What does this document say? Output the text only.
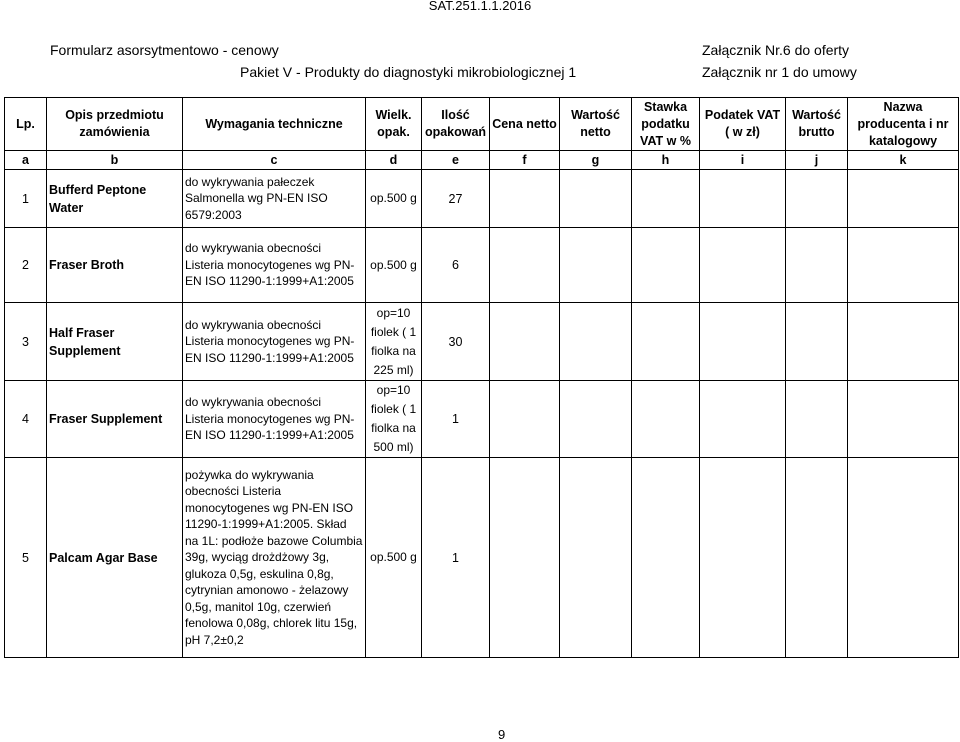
SAT.251.1.1.2016
Formularz asorsytmentowo - cenowy
Pakiet V - Produkty do diagnostyki mikrobiologicznej 1
Załącznik Nr.6 do oferty
Załącznik nr 1 do umowy
Lp.	Opis przedmiotu zamówienia	Wymagania techniczne	Wielk. opak.	Ilość opakowań	Cena netto	Wartość netto	Stawka podatku VAT w %	Podatek VAT ( w zł)	Wartość brutto	Nazwa producenta i nr katalogowy
a	b	c	d	e	f	g	h	i	j	k
1	Bufferd Peptone Water	do wykrywania pałeczek Salmonella wg PN-EN ISO 6579:2003	op.500 g	27						
2	Fraser Broth	do wykrywania obecności Listeria monocytogenes wg PN-EN ISO 11290-1:1999+A1:2005	op.500 g	6						
3	Half Fraser Supplement	do wykrywania obecności Listeria monocytogenes wg PN-EN ISO 11290-1:1999+A1:2005	op=10 fiolek ( 1 fiolka na 225 ml)	30						
4	Fraser Supplement	do wykrywania obecności Listeria monocytogenes wg PN-EN ISO 11290-1:1999+A1:2005	op=10 fiolek ( 1 fiolka na 500 ml)	1						
5	Palcam Agar Base	pożywka do wykrywania obecności Listeria monocytogenes wg PN-EN ISO 11290-1:1999+A1:2005. Skład na 1L: podłoże bazowe Columbia 39g, wyciąg drożdżowy 3g, glukoza 0,5g, eskulina 0,8g, cytrynian amonowo - żelazowy 0,5g, manitol 10g, czerwień fenolowa 0,08g, chlorek litu 15g, pH 7,2±0,2	op.500 g	1						
9
